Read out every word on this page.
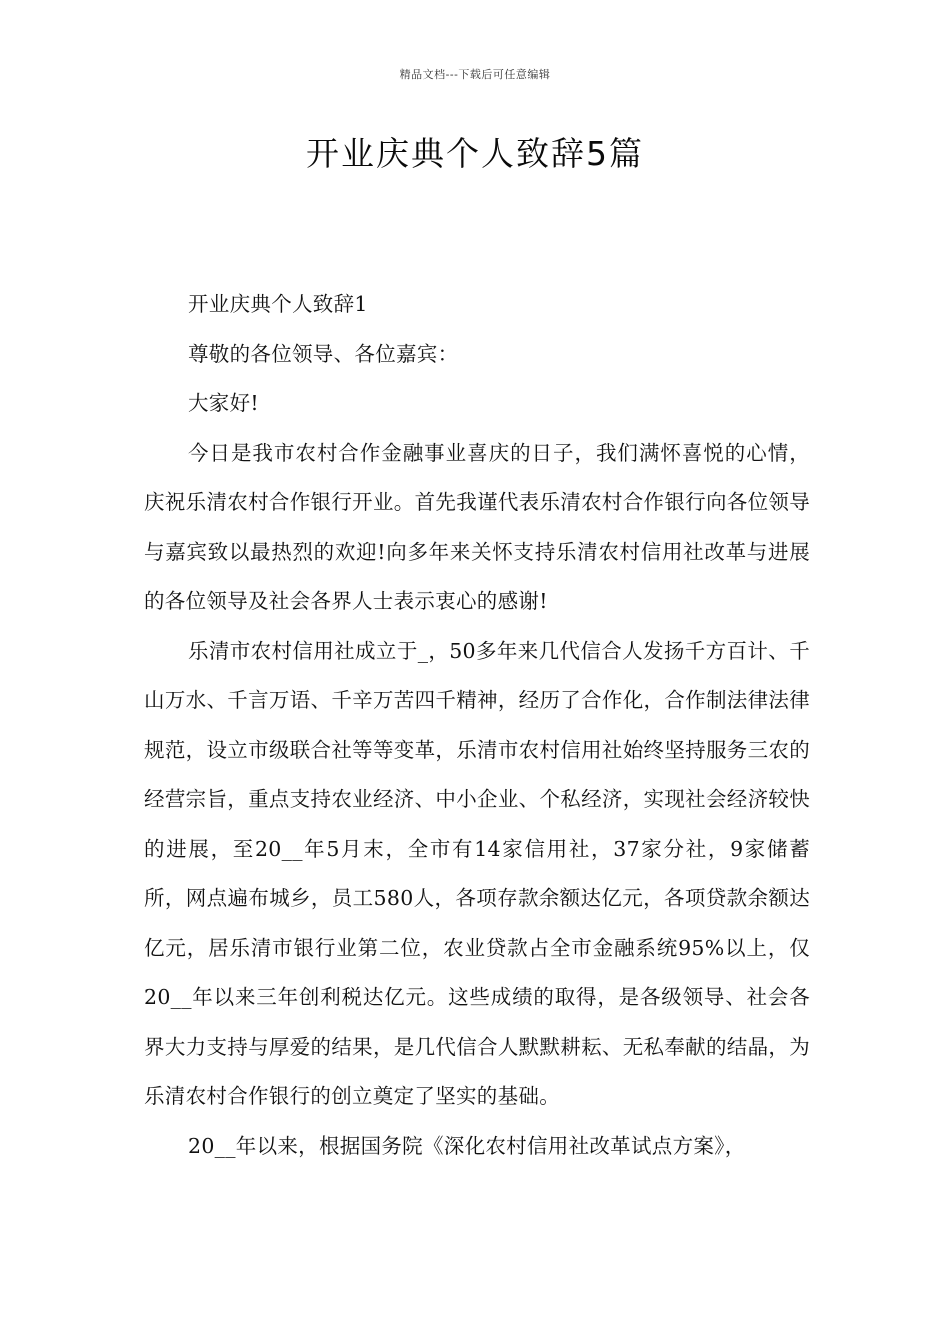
精品文档---下载后可任意编辑
开业庆典个人致辞5篇

开业庆典个人致辞1

尊敬的各位领导、各位嘉宾：

大家好!

今日是我市农村合作金融事业喜庆的日子，我们满怀喜悦的心情，庆祝乐清农村合作银行开业。首先我谨代表乐清农村合作银行向各位领导与嘉宾致以最热烈的欢迎!向多年来关怀支持乐清农村信用社改革与进展的各位领导及社会各界人士表示衷心的感谢!

乐清市农村信用社成立于_，50多年来几代信合人发扬千方百计、千山万水、千言万语、千辛万苦四千精神，经历了合作化，合作制法律法律规范，设立市级联合社等等变革，乐清市农村信用社始终坚持服务三农的经营宗旨，重点支持农业经济、中小企业、个私经济，实现社会经济较快的进展，至20__年5月末，全市有14家信用社，37家分社，9家储蓄所，网点遍布城乡，员工580人，各项存款余额达亿元，各项贷款余额达亿元，居乐清市银行业第二位，农业贷款占全市金融系统95%以上，仅20__年以来三年创利税达亿元。这些成绩的取得，是各级领导、社会各界大力支持与厚爱的结果，是几代信合人默默耕耘、无私奉献的结晶，为乐清农村合作银行的创立奠定了坚实的基础。

20__年以来，根据国务院《深化农村信用社改革试点方案》，
